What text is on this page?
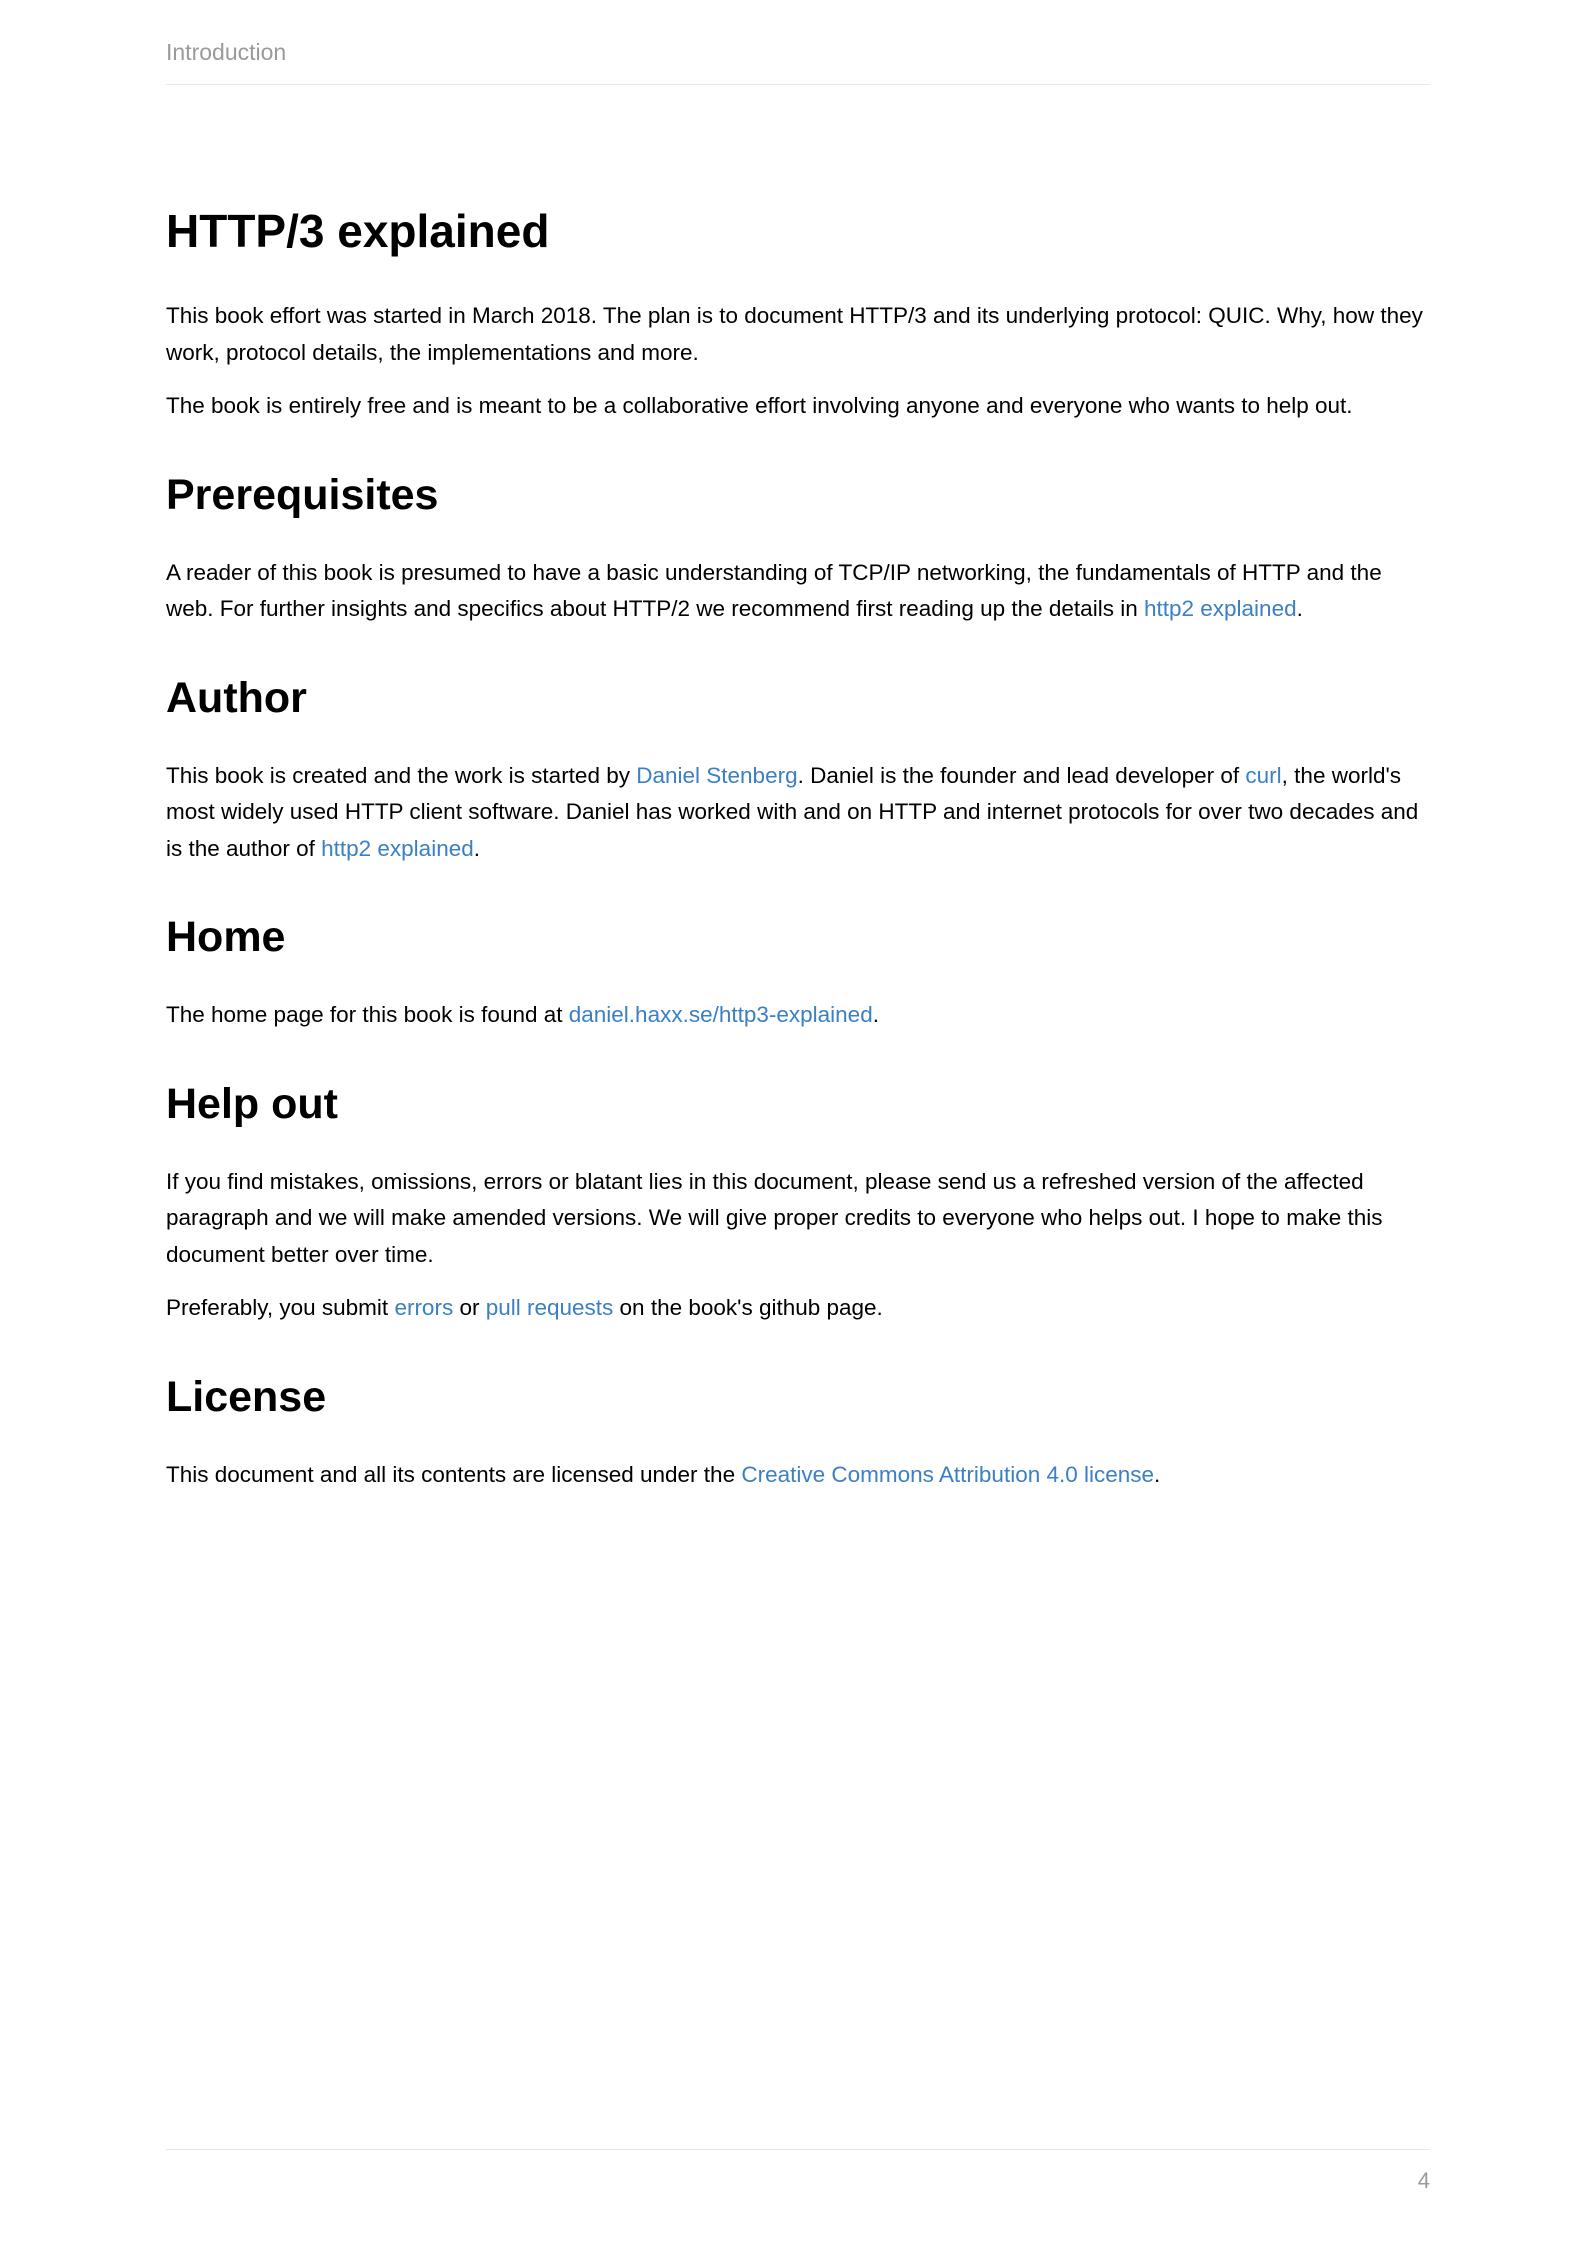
Introduction
HTTP/3 explained

This book effort was started in March 2018. The plan is to document HTTP/3 and its underlying protocol: QUIC. Why, how they work, protocol details, the implementations and more.

The book is entirely free and is meant to be a collaborative effort involving anyone and everyone who wants to help out.

Prerequisites

A reader of this book is presumed to have a basic understanding of TCP/IP networking, the fundamentals of HTTP and the web. For further insights and specifics about HTTP/2 we recommend first reading up the details in http2 explained.

Author

This book is created and the work is started by Daniel Stenberg. Daniel is the founder and lead developer of curl, the world's most widely used HTTP client software. Daniel has worked with and on HTTP and internet protocols for over two decades and is the author of http2 explained.

Home

The home page for this book is found at daniel.haxx.se/http3-explained.

Help out

If you find mistakes, omissions, errors or blatant lies in this document, please send us a refreshed version of the affected paragraph and we will make amended versions. We will give proper credits to everyone who helps out. I hope to make this document better over time.

Preferably, you submit errors or pull requests on the book's github page.

License

This document and all its contents are licensed under the Creative Commons Attribution 4.0 license.

4
